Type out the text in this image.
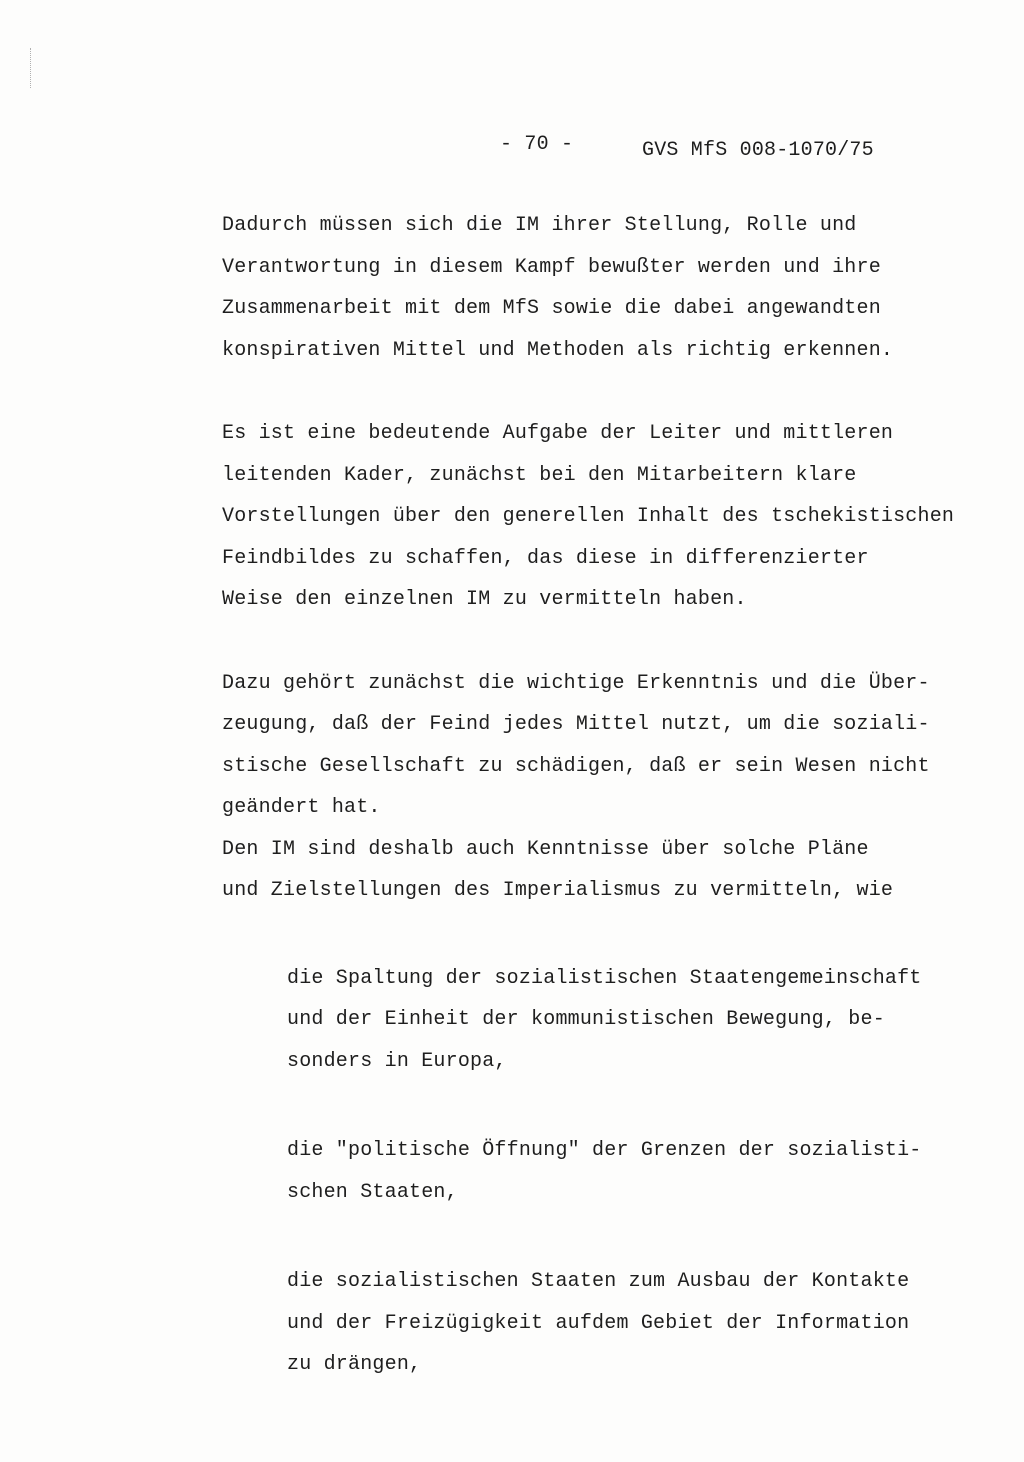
- 70 -	GVS MfS 008-1070/75

Dadurch müssen sich die IM ihrer Stellung, Rolle und
Verantwortung in diesem Kampf bewußter werden und ihre
Zusammenarbeit mit dem MfS sowie die dabei angewandten
konspirativen Mittel und Methoden als richtig erkennen.

Es ist eine bedeutende Aufgabe der Leiter und mittleren
leitenden Kader, zunächst bei den Mitarbeitern klare
Vorstellungen über den generellen Inhalt des tschekistischen
Feindbildes zu schaffen, das diese in differenzierter
Weise den einzelnen IM zu vermitteln haben.

Dazu gehört zunächst die wichtige Erkenntnis und die Über-
zeugung, daß der Feind jedes Mittel nutzt, um die soziali-
stische Gesellschaft zu schädigen, daß er sein Wesen nicht
geändert hat.

Den IM sind deshalb auch Kenntnisse über solche Pläne
und Zielstellungen des Imperialismus zu vermitteln, wie

die Spaltung der sozialistischen Staatengemeinschaft
und der Einheit der kommunistischen Bewegung, be-
sonders in Europa,
die "politische Öffnung" der Grenzen der sozialisti-
schen Staaten,
die sozialistischen Staaten zum Ausbau der Kontakte
und der Freizügigkeit aufdem Gebiet der Information
zu drängen,
